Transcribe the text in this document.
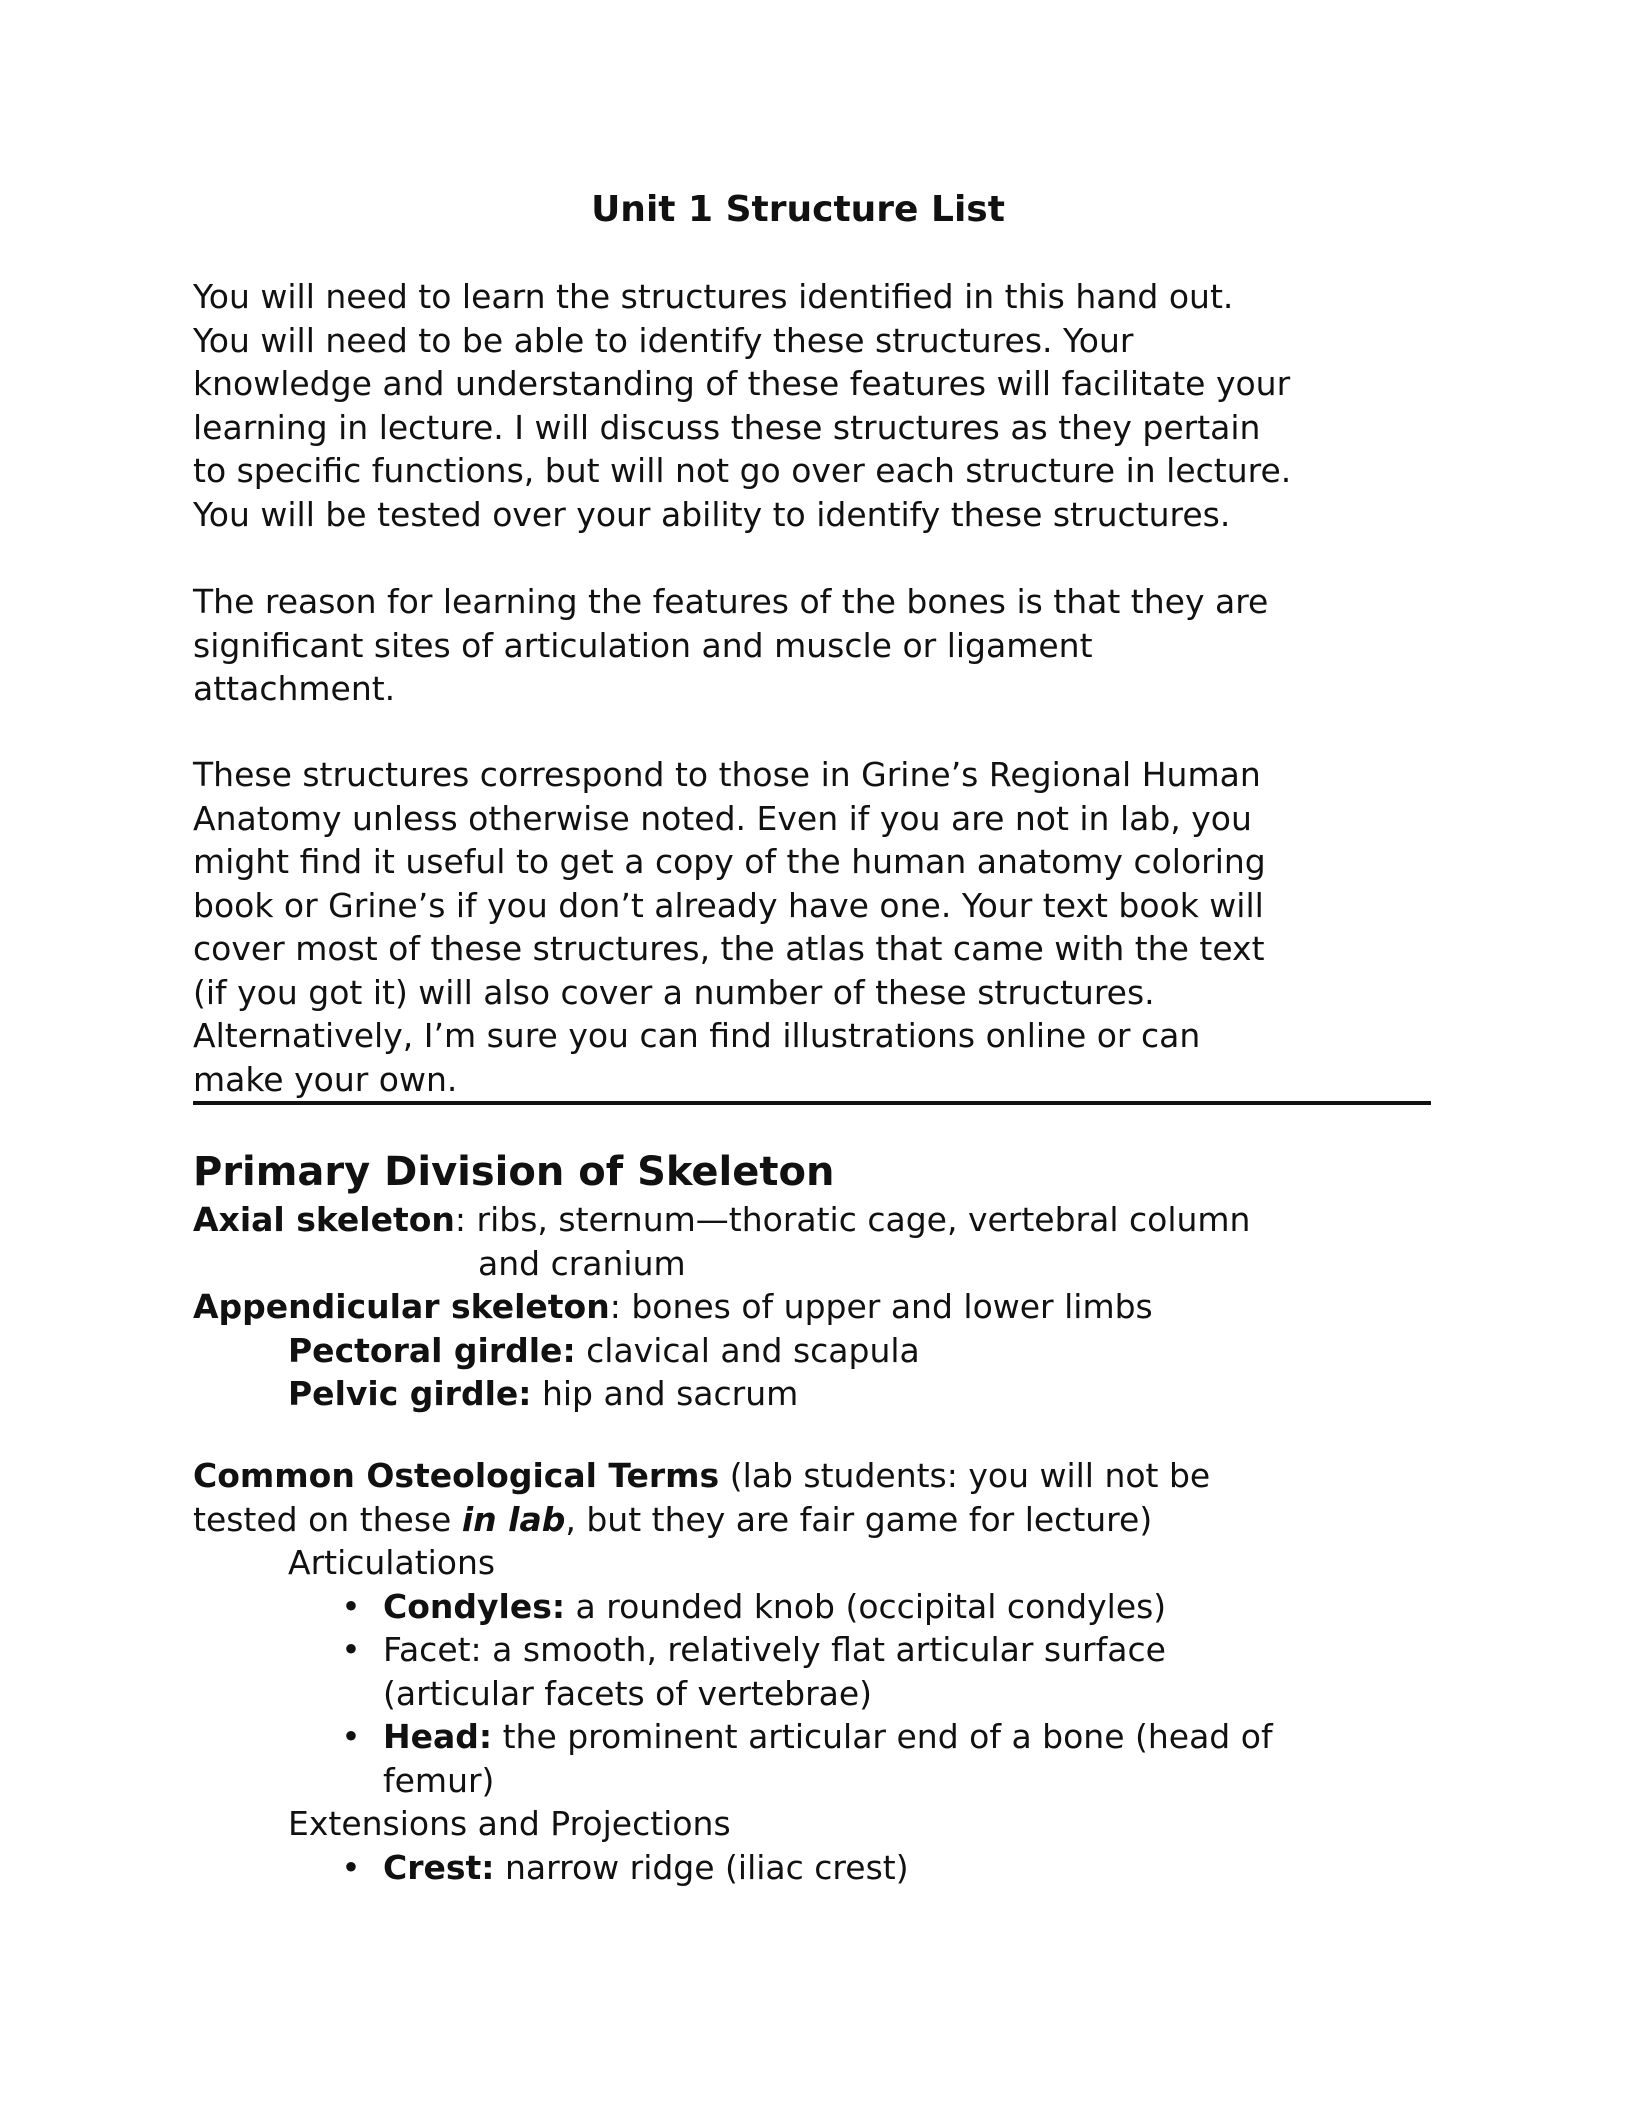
Unit 1 Structure List
You will need to learn the structures identified in this hand out.
You will need to be able to identify these structures. Your
knowledge and understanding of these features will facilitate your
learning in lecture. I will discuss these structures as they pertain
to specific functions, but will not go over each structure in lecture.
You will be tested over your ability to identify these structures.
The reason for learning the features of the bones is that they are
significant sites of articulation and muscle or ligament
attachment.
These structures correspond to those in Grine’s Regional Human
Anatomy unless otherwise noted. Even if you are not in lab, you
might find it useful to get a copy of the human anatomy coloring
book or Grine’s if you don’t already have one. Your text book will
cover most of these structures, the atlas that came with the text
(if you got it) will also cover a number of these structures.
Alternatively, I’m sure you can find illustrations online or can
make your own.
Primary Division of Skeleton
Axial skeleton: ribs, sternum—thoratic cage, vertebral column
and cranium
Appendicular skeleton: bones of upper and lower limbs
Pectoral girdle: clavical and scapula
Pelvic girdle: hip and sacrum
Common Osteological Terms (lab students: you will not be
tested on these in lab, but they are fair game for lecture)
Articulations
• Condyles: a rounded knob (occipital condyles)
• Facet: a smooth, relatively flat articular surface
(articular facets of vertebrae)
• Head: the prominent articular end of a bone (head of
femur)
Extensions and Projections
• Crest: narrow ridge (iliac crest)
